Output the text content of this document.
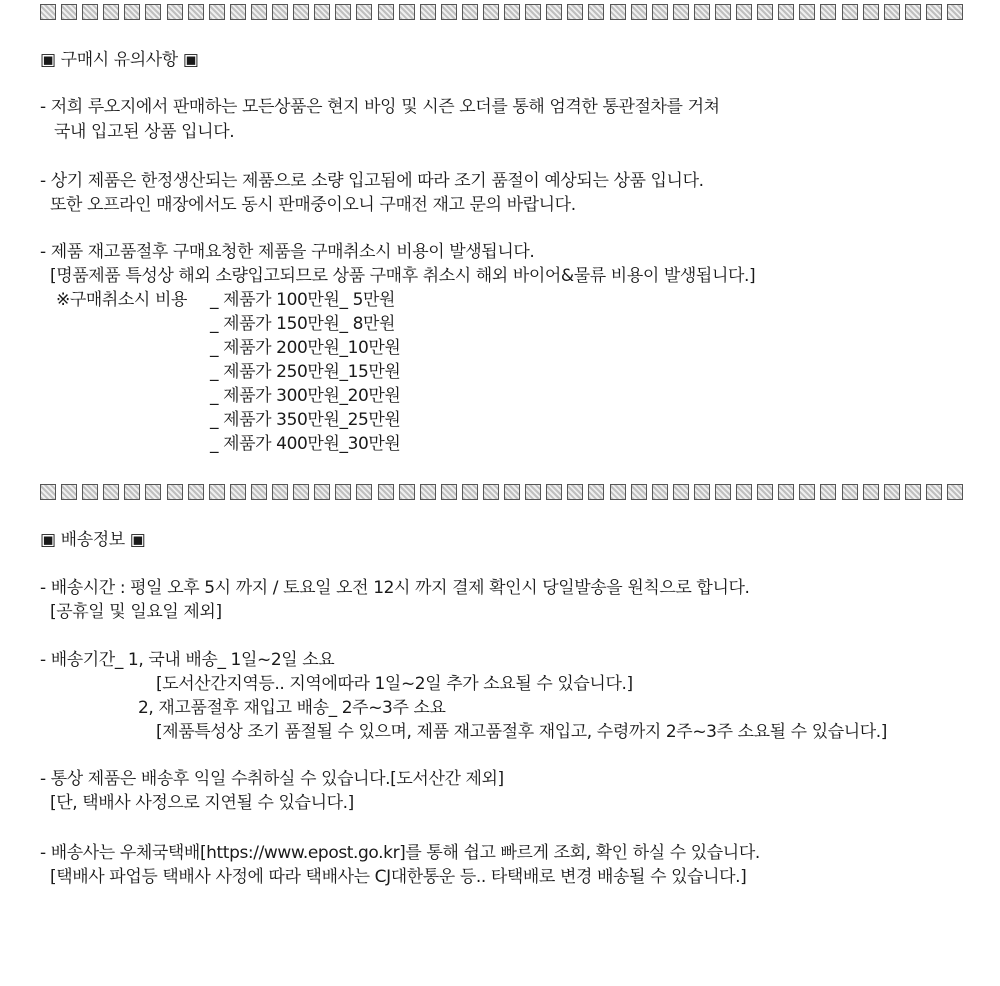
▣ 구매시 유의사항 ▣
- 저희 루오지에서 판매하는 모든상품은 현지 바잉 및 시즌 오더를 통해 엄격한 통관절차를 거쳐
국내 입고된 상품 입니다.
- 상기 제품은 한정생산되는 제품으로 소량 입고됨에 따라 조기 품절이 예상되는 상품 입니다.
또한 오프라인 매장에서도 동시 판매중이오니 구매전 재고 문의 바랍니다.
- 제품 재고품절후 구매요청한 제품을 구매취소시 비용이 발생됩니다.
[명품제품 특성상 해외 소량입고되므로 상품 구매후 취소시 해외 바이어&물류 비용이 발생됩니다.]
※구매취소시 비용 _ 제품가 100만원_ 5만원
_ 제품가 150만원_ 8만원
_ 제품가 200만원_10만원
_ 제품가 250만원_15만원
_ 제품가 300만원_20만원
_ 제품가 350만원_25만원
_ 제품가 400만원_30만원
▣ 배송정보 ▣
- 배송시간 : 평일 오후 5시 까지 / 토요일 오전 12시 까지 결제 확인시 당일발송을 원칙으로 합니다.
[공휴일 및 일요일 제외]
- 배송기간_ 1, 국내 배송_ 1일~2일 소요
[도서산간지역등.. 지역에따라 1일~2일 추가 소요될 수 있습니다.]
2, 재고품절후 재입고 배송_ 2주~3주 소요
[제품특성상 조기 품절될 수 있으며, 제품 재고품절후 재입고, 수령까지 2주~3주 소요될 수 있습니다.]
- 통상 제품은 배송후 익일 수취하실 수 있습니다.[도서산간 제외]
[단, 택배사 사정으로 지연될 수 있습니다.]
- 배송사는 우체국택배[https://www.epost.go.kr]를 통해 쉽고 빠르게 조회, 확인 하실 수 있습니다.
[택배사 파업등 택배사 사정에 따라 택배사는 CJ대한통운 등.. 타택배로 변경 배송될 수 있습니다.]
